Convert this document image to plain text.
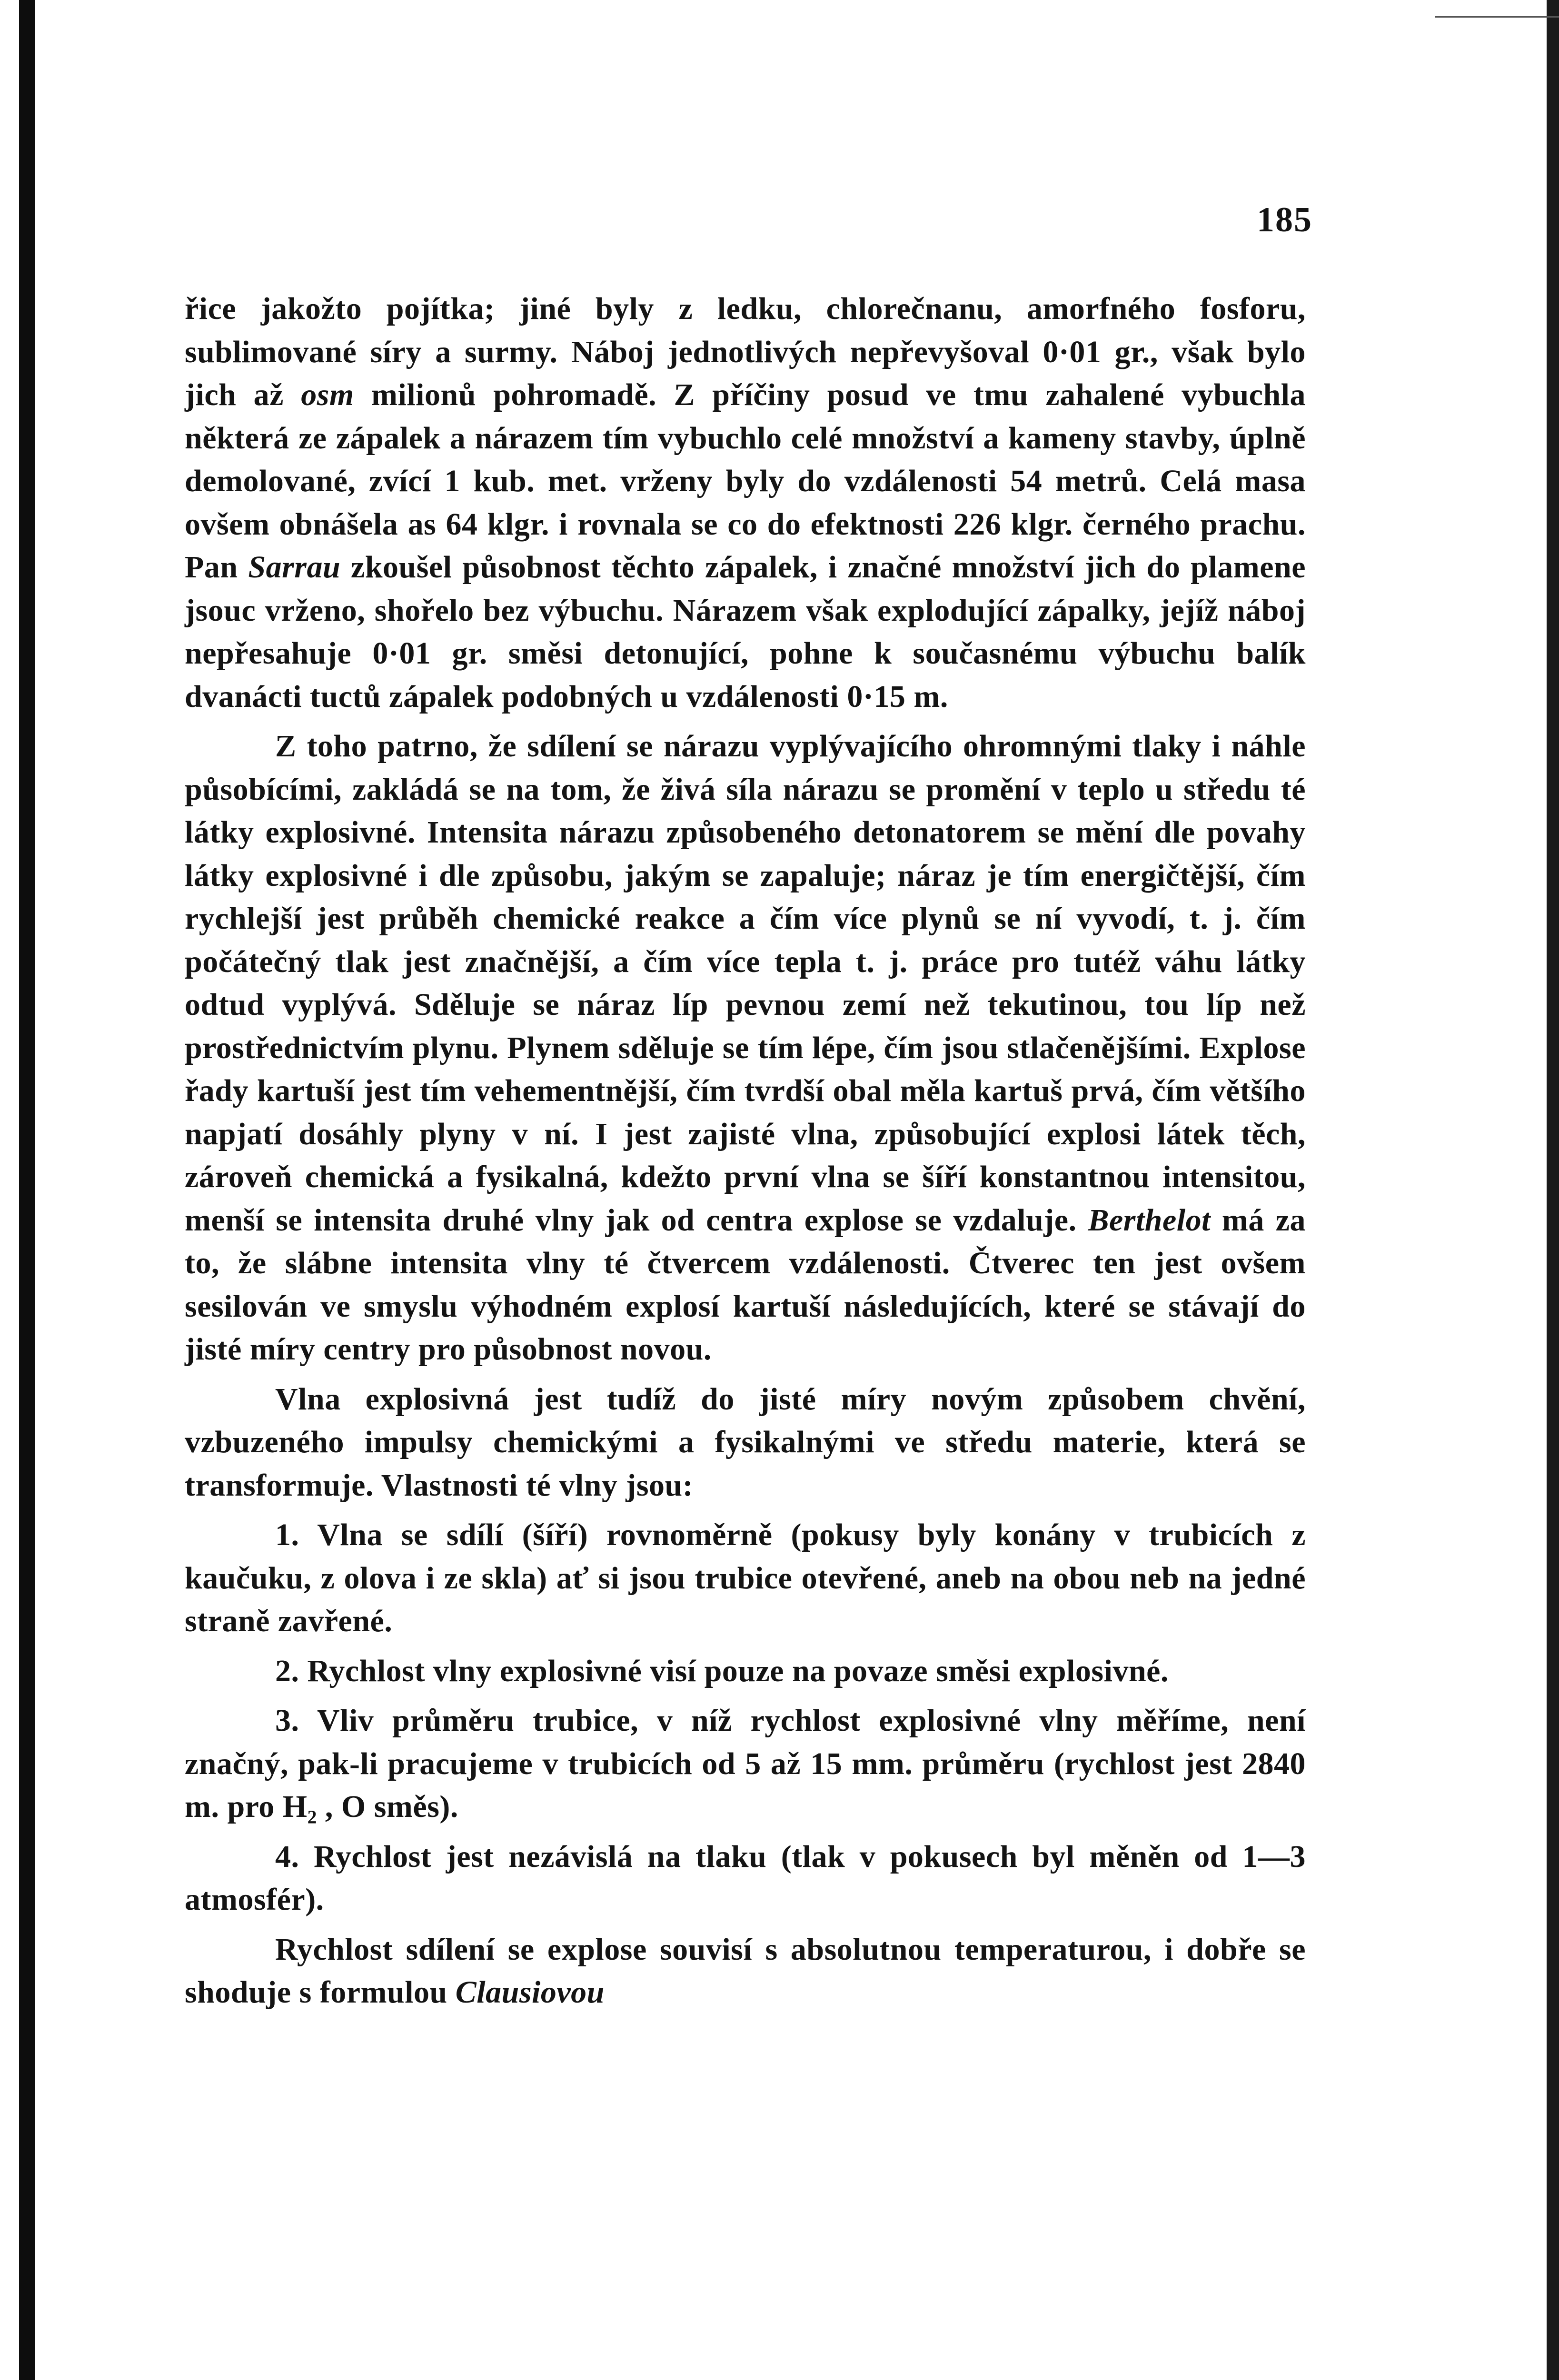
185

řice jakožto pojítka; jiné byly z ledku, chlorečnanu, amorfného fosforu, sublimované síry a surmy. Náboj jednotlivých nepřevyšoval 0·01 gr., však bylo jich až osm milionů pohromadě. Z příčiny posud ve tmu zahalené vybuchla některá ze zápalek a nárazem tím vybuchlo celé množství a kameny stavby, úplně demolované, zvící 1 kub. met. vrženy byly do vzdálenosti 54 metrů. Celá masa ovšem obnášela as 64 klgr. i rovnala se co do efektnosti 226 klgr. černého prachu. Pan Sarrau zkoušel působnost těchto zápalek, i značné množství jich do plamene jsouc vrženo, shořelo bez výbuchu. Nárazem však explodující zápalky, jejíž náboj nepřesahuje 0·01 gr. směsi detonující, pohne k současnému výbuchu balík dvanácti tuctů zápalek podobných u vzdálenosti 0·15 m.

Z toho patrno, že sdílení se nárazu vyplývajícího ohromnými tlaky i náhle působícími, zakládá se na tom, že živá síla nárazu se promění v teplo u středu té látky explosivné. Intensita nárazu způsobeného detonatorem se mění dle povahy látky explosivné i dle způsobu, jakým se zapaluje; náraz je tím energičtější, čím rychlejší jest průběh chemické reakce a čím více plynů se ní vyvodí, t. j. čím počátečný tlak jest značnější, a čím více tepla t. j. práce pro tutéž váhu látky odtud vyplývá. Sděluje se náraz líp pevnou zemí než tekutinou, tou líp než prostřednictvím plynu. Plynem sděluje se tím lépe, čím jsou stlačenějšími. Explose řady kartuší jest tím vehementnější, čím tvrdší obal měla kartuš prvá, čím většího napjatí dosáhly plyny v ní. I jest zajisté vlna, způsobující explosi látek těch, zároveň chemická a fysikalná, kdežto první vlna se šíří konstantnou intensitou, menší se intensita druhé vlny jak od centra explose se vzdaluje. Berthelot má za to, že slábne intensita vlny té čtvercem vzdálenosti. Čtverec ten jest ovšem sesilován ve smyslu výhodném explosí kartuší následujících, které se stávají do jisté míry centry pro působnost novou.

Vlna explosivná jest tudíž do jisté míry novým způsobem chvění, vzbuzeného impulsy chemickými a fysikalnými ve středu materie, která se transformuje. Vlastnosti té vlny jsou:

1. Vlna se sdílí (šíří) rovnoměrně (pokusy byly konány v trubicích z kaučuku, z olova i ze skla) ať si jsou trubice otevřené, aneb na obou neb na jedné straně zavřené.

2. Rychlost vlny explosivné visí pouze na povaze směsi explosivné.

3. Vliv průměru trubice, v níž rychlost explosivné vlny měříme, není značný, pak-li pracujeme v trubicích od 5 až 15 mm. průměru (rychlost jest 2840 m. pro H₂ , O směs).

4. Rychlost jest nezávislá na tlaku (tlak v pokusech byl měněn od 1—3 atmosfér).

Rychlost sdílení se explose souvisí s absolutnou temperaturou, i dobře se shoduje s formulou Clausiovou
